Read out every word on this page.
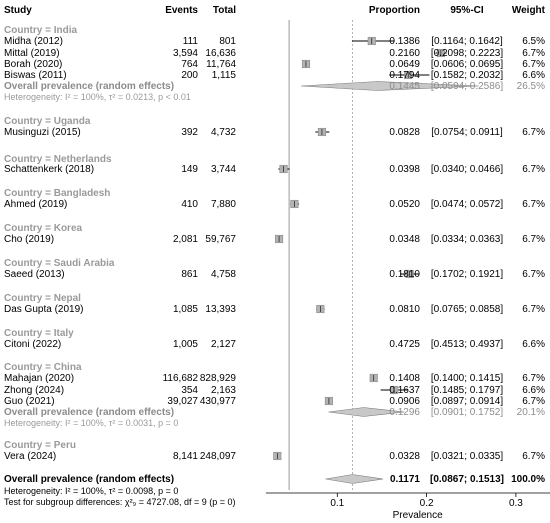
Study	Events Total	Proportion	95%-CI	Weight
Country = India
Midha (2012)	111 801	0.1386 [0.1164; 0.1642] 6.5%
Mittal (2019)	3,594 16,636	0.2160 [0.2098; 0.2223] 6.7%
Borah (2020)	764 11,764	0.0649 [0.0606; 0.0695] 6.7%
Biswas (2011)	200 1,115	0.1794 [0.1582; 0.2032] 6.6%
Overall prevalence (random effects)	0.1445 [0.0594; 0.2586] 26.5%
Heterogeneity: I² = 100%, τ² = 0.0213, p < 0.01
Country = Uganda
Musinguzi (2015)	392 4,732	0.0828 [0.0754; 0.0911] 6.7%
Country = Netherlands
Schattenkerk (2018)	149 3,744	0.0398 [0.0340; 0.0466] 6.7%
Country = Bangladesh
Ahmed (2019)	410 7,880	0.0520 [0.0474; 0.0572] 6.7%
Country = Korea
Cho (2019)	2,081 59,767	0.0348 [0.0334; 0.0363] 6.7%
Country = Saudi Arabia
Saeed (2013)	861 4,758	0.1810 [0.1702; 0.1921] 6.7%
Country = Nepal
Das Gupta (2019)	1,085 13,393	0.0810 [0.0765; 0.0858] 6.7%
Country = Italy
Citoni (2022)	1,005 2,127	0.4725 [0.4513; 0.4937] 6.6%
Country = China
Mahajan (2020)	116,682 828,929	0.1408 [0.1400; 0.1415] 6.7%
Zhong (2024)	354 2,163	0.1637 [0.1485; 0.1797] 6.6%
Guo (2021)	39,027 430,977	0.0906 [0.0897; 0.0914] 6.7%
Overall prevalence (random effects)	0.1296 [0.0901; 0.1752] 20.1%
Heterogeneity: I² = 100%, τ² = 0.0031, p = 0
Country = Peru
Vera (2024)	8,141 248,097	0.0328 [0.0321; 0.0335] 6.7%
Overall prevalence (random effects)	0.1171 [0.0867; 0.1513] 100.0%
Heterogeneity: I² = 100%, τ² = 0.0098, p = 0
Test for subgroup differences: χ²₉ = 4727.08, df = 9 (p = 0)	0.1	0.2	0.3
Prevalence
